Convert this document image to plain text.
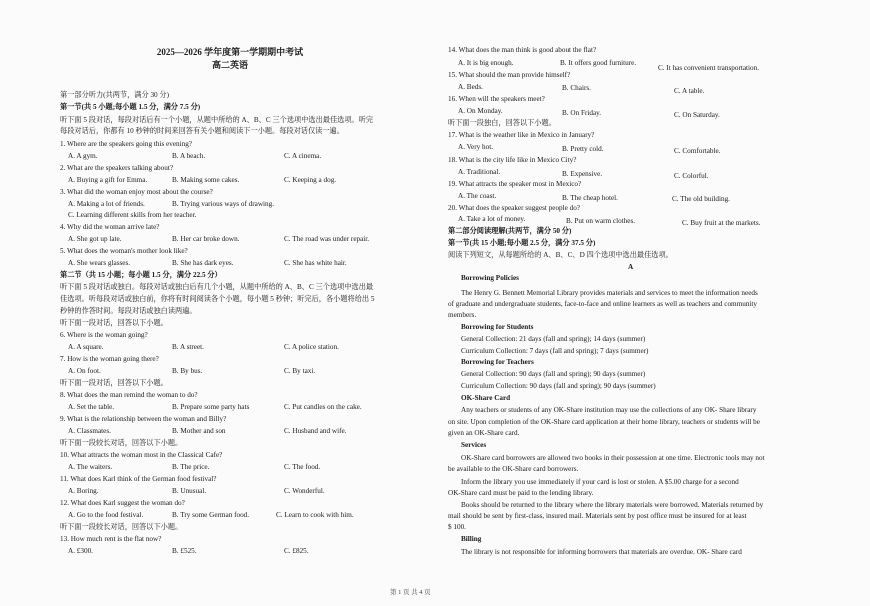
2025—2026 学年度第一学期期中考试
高二英语
第一部分听力(共两节，满分 30 分)
第一节(共 5 小题;每小题 1.5 分，满分 7.5 分)
听下面 5 段对话，每段对话后有一个小题，从题中所给的 A、B、C 三个选项中选出最佳选项。听完
每段对话后，你都有 10 秒钟的时间来回答有关小题和阅读下一小题。每段对话仅读一遍。
1. Where are the speakers going this evening?
A. A gym.	B. A beach.	C. A cinema.
2. What are the speakers talking about?
A. Buying a gift for Emma.	B. Making some cakes.	C. Keeping a dog.
3. What did the woman enjoy most about the course?
A. Making a lot of friends.	B. Trying various ways of drawing.
C. Learning different skills from her teacher.
4. Why did the woman arrive late?
A. She got up late.	B. Her car broke down.	C. The road was under repair.
5. What does the woman's mother look like?
A. She wears glasses.	B. She has dark eyes.	C. She has white hair.
第二节（共 15 小题；每小题 1.5 分，满分 22.5 分）
听下面 5 段对话或独白。每段对话或独白后有几个小题，从题中所给的 A、B、C 三个选项中选出最
佳选项。听每段对话或独白前，你将有时间阅读各个小题，每小题 5 秒钟；听完后，各小题将给出 5
秒钟的作答时间。每段对话或独白读两遍。
听下面一段对话，回答以下小题。
6. Where is the woman going?
A. A square.	B. A street.	C. A police station.
7. How is the woman going there?
A. On foot.	B. By bus.	C. By taxi.
听下面一段对话，回答以下小题。
8. What does the man remind the woman to do?
A. Set the table.	B. Prepare some party hats	C. Put candles on the cake.
9. What is the relationship between the woman and Billy?
A. Classmates.	B. Mother and son	C. Husband and wife.
听下面一段较长对话，回答以下小题。
10. What attracts the woman most in the Classical Cafe?
A. The waiters.	B. The price.	C. The food.
11. What does Karl think of the German food festival?
A. Boring.	B. Unusual.	C. Wonderful.
12. What does Karl suggest the woman do?
A. Go to the food festival.	B. Try some German food.	C. Learn to cook with him.
听下面一段较长对话，回答以下小题。
13. How much rent is the flat now?
A. £300.	B. £525.	C. £825.
14. What does the man think is good about the flat?
A. It is big enough.	B. It offers good furniture.
C. It has convenient transportation.
15. What should the man provide himself?
A. Beds.	B. Chairs.	C. A table.
16. When will the speakers meet?
A. On Monday.	B. On Friday.	C. On Saturday.
听下面一段独白，回答以下小题。
17. What is the weather like in Mexico in January?
A. Very hot.	B. Pretty cold.	C. Comfortable.
18. What is the city life like in Mexico City?
A. Traditional.	B. Expensive.	C. Colorful.
19. What attracts the speaker most in Mexico?
A. The coast.	B. The cheap hotel.	C. The old building.
20. What does the speaker suggest people do?
A. Take a lot of money.	B. Put on warm clothes.	C. Buy fruit at the markets.
第二部分阅读理解(共两节，满分 50 分)
第一节(共 15 小题;每小题 2.5 分，满分 37.5 分)
阅读下列短文，从每题所给的 A、B、C、D 四个选项中选出最佳选项。
A
Borrowing Policies
The Henry G. Bennett Memorial Library provides materials and services to meet the information needs
of graduate and undergraduate students, face-to-face and online learners as well as teachers and community
members.
Borrowing for Students
General Collection: 21 days (fall and spring); 14 days (summer)
Curriculum Collection: 7 days (fall and spring); 7 days (summer)
Borrowing for Teachers
General Collection: 90 days (fall and spring); 90 days (summer)
Curriculum Collection: 90 days (fall and spring); 90 days (summer)
OK-Share Card
Any teachers or students of any OK-Share institution may use the collections of any OK- Share library
on site. Upon completion of the OK-Share card application at their home library, teachers or students will be
given an OK-Share card.
Services
OK-Share card borrowers are allowed two books in their possession at one time. Electronic tools may not
be available to the OK-Share card borrowers.
Inform the library you use immediately if your card is lost or stolen. A $5.00 charge for a second
OK-Share card must be paid to the lending library.
Books should be returned to the library where the library materials were borrowed. Materials returned by
mail should be sent by first-class, insured mail. Materials sent by post office must be insured for at least
$ 100.
Billing
The library is not responsible for informing borrowers that materials are overdue. OK- Share card
第 1 页 共 4 页
